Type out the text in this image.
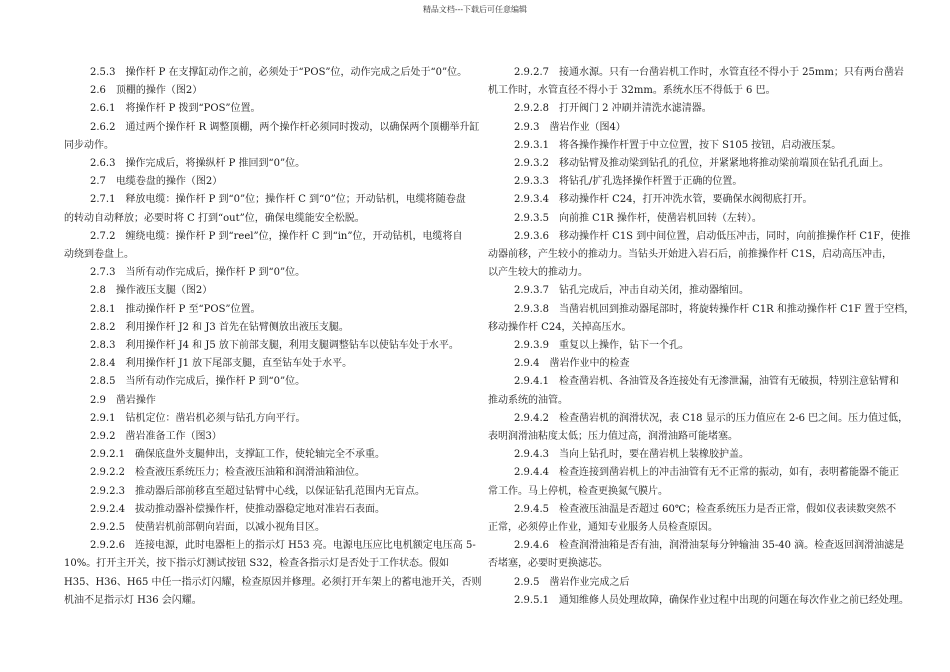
精品文档---下载后可任意编辑
2.5.3　操作杆 P 在支撑缸动作之前，必须处于“POS”位，动作完成之后处于“0”位。
2.6　顶棚的操作（图2）
2.6.1　将操作杆 P 拨到“POS”位置。
2.6.2　通过两个操作杆 R 调整顶棚，两个操作杆必须同时拨动，以确保两个顶棚举升缸
同步动作。
2.6.3　操作完成后，将操纵杆 P 推回到“0”位。
2.7　电缆卷盘的操作（图2）
2.7.1　释放电缆：操作杆 P 到“0”位；操作杆 C 到“0”位；开动钻机，电缆将随卷盘
的转动自动释放；必要时将 C 打到“out”位，确保电缆能安全松脱。
2.7.2　缠绕电缆：操作杆 P 到“reel”位，操作杆 C 到“in”位，开动钻机，电缆将自
动绕到卷盘上。
2.7.3　当所有动作完成后，操作杆 P 到“0”位。
2.8　操作液压支腿（图2）
2.8.1　推动操作杆 P 至“POS”位置。
2.8.2　利用操作杆 J2 和 J3 首先在钻臂侧放出液压支腿。
2.8.3　利用操作杆 J4 和 J5 放下前部支腿，利用支腿调整钻车以使钻车处于水平。
2.8.4　利用操作杆 J1 放下尾部支腿，直至钻车处于水平。
2.8.5　当所有动作完成后，操作杆 P 到“0”位。
2.9　凿岩操作
2.9.1　钻机定位：凿岩机必须与钻孔方向平行。
2.9.2　凿岩准备工作（图3）
2.9.2.1　确保底盘外支腿伸出，支撑缸工作，使轮轴完全不承重。
2.9.2.2　检查液压系统压力；检查液压油箱和润滑油箱油位。
2.9.2.3　推动器后部前移直至超过钻臂中心线，以保证钻孔范围内无盲点。
2.9.2.4　拔动推动器补偿操作杆，使推动器稳定地对准岩石表面。
2.9.2.5　使凿岩机前部朝向岩面，以减小视角目区。
2.9.2.6　连接电源，此时电器柜上的指示灯 H53 亮。电源电压应比电机额定电压高 5-
10%。打开主开关，按下指示灯测试按钮 S32，检查各指示灯是否处于工作状态。假如
H35、H36、H65 中任一指示灯闪耀，检查原因并修理。必须打开车架上的蓄电池开关，否则
机油不足指示灯 H36 会闪耀。
2.9.2.7　接通水源。只有一台凿岩机工作时，水管直径不得小于 25mm；只有两台凿岩
机工作时，水管直径不得小于 32mm。系统水压不得低于 6 巴。
2.9.2.8　打开阀门 2 冲刷并清洗水滤清器。
2.9.3　凿岩作业（图4）
2.9.3.1　将各操作操作杆置于中立位置，按下 S105 按钮，启动液压泵。
2.9.3.2　移动钻臂及推动梁到钻孔的孔位，并紧紧地将推动梁前端顶在钻孔孔面上。
2.9.3.3　将钻孔/扩孔选择操作杆置于正确的位置。
2.9.3.4　移动操作杆 C24，打开冲洗水管，要确保水阀彻底打开。
2.9.3.5　向前推 C1R 操作杆，使凿岩机回转（左转）。
2.9.3.6　移动操作杆 C1S 到中间位置，启动低压冲击，同时，向前推操作杆 C1F，使推
动器前移，产生较小的推动力。当钻头开始进入岩石后，前推操作杆 C1S，启动高压冲击，
以产生较大的推动力。
2.9.3.7　钻孔完成后，冲击自动关闭，推动器缩回。
2.9.3.8　当凿岩机回到推动器尾部时，将旋转操作杆 C1R 和推动操作杆 C1F 置于空档，
移动操作杆 C24，关掉高压水。
2.9.3.9　重复以上操作，钻下一个孔。
2.9.4　凿岩作业中的检查
2.9.4.1　检查凿岩机、各油管及各连接处有无渗泄漏，油管有无破损，特别注意钻臂和
推动系统的油管。
2.9.4.2　检查凿岩机的润滑状况，表 C18 显示的压力值应在 2-6 巴之间。压力值过低，
表明润滑油粘度太低；压力值过高，润滑油路可能堵塞。
2.9.4.3　当向上钻孔时，要在凿岩机上装橡胶护盖。
2.9.4.4　检查连接到凿岩机上的冲击油管有无不正常的振动，如有，表明蓄能器不能正
常工作。马上停机，检查更换氮气膜片。
2.9.4.5　检查液压油温是否超过 60℃；检查系统压力是否正常，假如仪表读数突然不
正常，必须停止作业，通知专业服务人员检查原因。
2.9.4.6　检查润滑油箱是否有油，润滑油泵每分钟输油 35-40 滴。检查返回润滑油滤是
否堵塞，必要时更换滤芯。
2.9.5　凿岩作业完成之后
2.9.5.1　通知维修人员处理故障，确保作业过程中出现的问题在每次作业之前已经处理。
